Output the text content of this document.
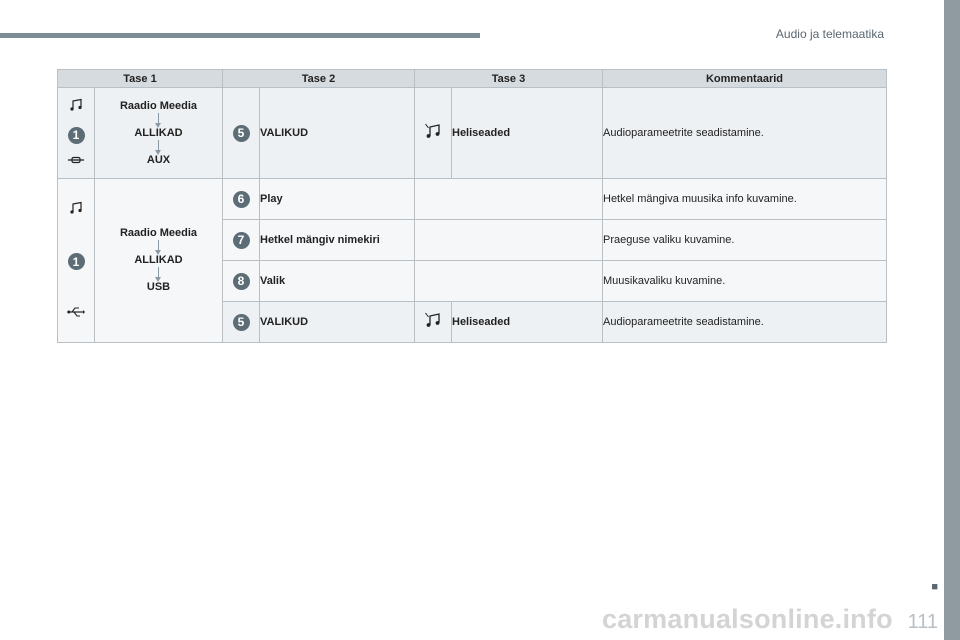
Audio ja telemaatika
■
111
carmanualsonline.info
Tase 1		Tase 2		Tase 3		Kommentaarid

1	Raadio Meedia
ALLIKAD
AUX	5	VALIKUD		Heliseaded	Audioparameetrite seadistamine.

1	Raadio Meedia
ALLIKAD
USB	6	Play			Hetkel mängiva muusika info kuvamine.
		7	Hetkel mängiv nimekiri			Praeguse valiku kuvamine.
		8	Valik			Muusikavaliku kuvamine.
		5	VALIKUD		Heliseaded	Audioparameetrite seadistamine.
